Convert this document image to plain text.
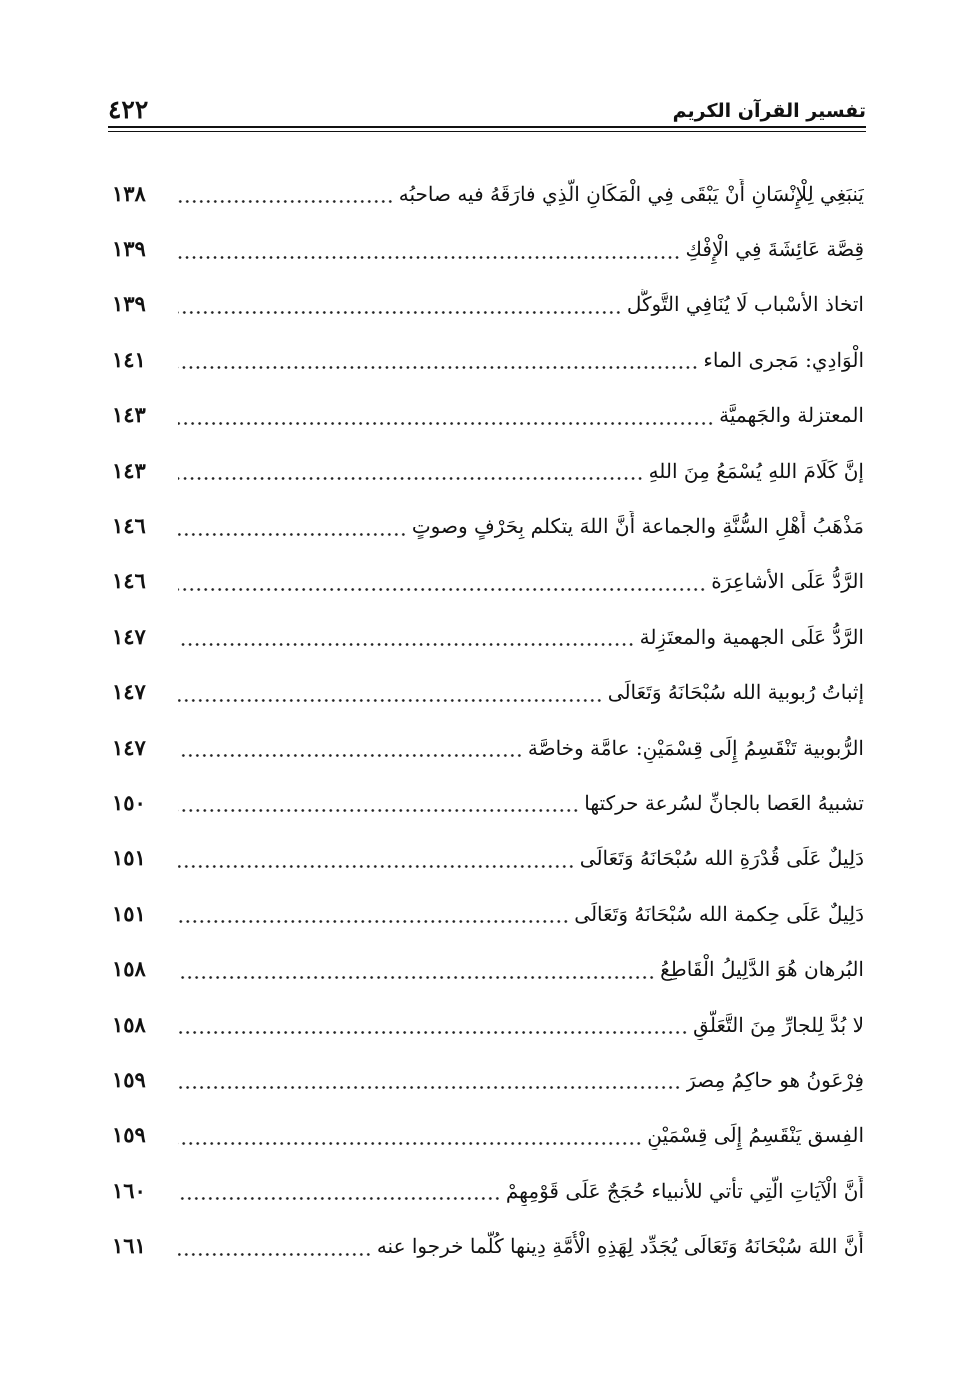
٤٢٢	تفسير القرآن الكريم
يَنبَغِي لِلْإِنْسَانِ أَنْ يَبْقَى فِي الْمَكَانِ الَّذِي فارَقَهُ فيه صاحبُه
١٣٨
قِصَّة عَائِشَةَ فِي الْإِفْكِ
١٣٩
اتخاذ الأسْباب لَا يُنَافِي التَّوكُّل
١٣٩
الْوَادِي: مَجرى الماء
١٤١
المعتزلة والجَهميَّة
١٤٣
إنَّ كَلَامَ اللهِ يُسْمَعُ مِنَ اللهِ
١٤٣
مَذْهَبُ أَهْلِ السُّنَّةِ والجماعة أَنَّ اللهَ يتكلم بِحَرْفٍ وصوتٍ
١٤٦
الرَّدُّ عَلَى الأشاعِرَة
١٤٦
الرَّدُّ عَلَى الجهمية والمعتَزِلة
١٤٧
إثباتُ رُبوبية الله سُبْحَانَهُ وَتَعَالَى
١٤٧
الرُّبوبية تَنْقَسِمُ إِلَى قِسْمَيْنِ: عامَّة وخاصَّة
١٤٧
تشبيهُ العَصا بالجانِّ لسُرعة حركتها
١٥٠
دَلِيلٌ عَلَى قُدْرَةِ الله سُبْحَانَهُ وَتَعَالَى
١٥١
دَلِيلٌ عَلَى حِكمة الله سُبْحَانَهُ وَتَعَالَى
١٥١
البُرهان هُوَ الدَّلِيلُ الْقَاطِعُ
١٥٨
لا بُدَّ لِلجارِّ مِنَ التَّعَلُّقِ
١٥٨
فِرْعَونُ هو حاكِمُ مِصرَ
١٥٩
الفِسق يَنْقَسِمُ إِلَى قِسْمَيْنِ
١٥٩
أَنَّ الْآيَاتِ الَّتِي تأتي للأنبياء حُجَجٌ عَلَى قَوْمِهِمْ
١٦٠
أَنَّ اللهَ سُبْحَانَهُ وَتَعَالَى يُجَدِّد لِهَذِهِ الْأُمَّةِ دِينها كُلَّما خرجوا عنه
١٦١
